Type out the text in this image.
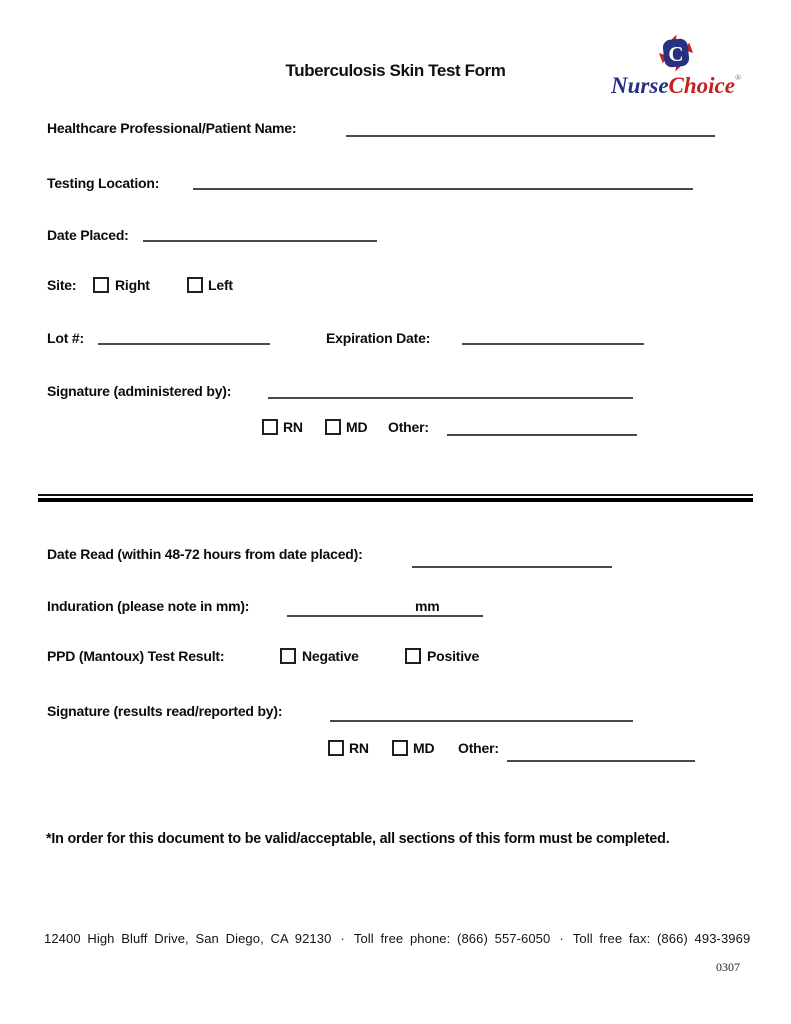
Tuberculosis Skin Test Form
C
NurseChoice®
Healthcare Professional/Patient Name:
Testing Location:
Date Placed:
Site:	Right	Left
Lot #:	Expiration Date:
Signature (administered by):
RN	MD Other:
Date Read (within 48-72 hours from date placed):
Induration (please note in mm):	mm
PPD (Mantoux) Test Result:	Negative	Positive
Signature (results read/reported by):
RN	MD Other:
*In order for this document to be valid/acceptable, all sections of this form must be completed.
12400 High Bluff Drive, San Diego, CA 92130 · Toll free phone: (866) 557-6050 · Toll free fax: (866) 493-3969
0307
